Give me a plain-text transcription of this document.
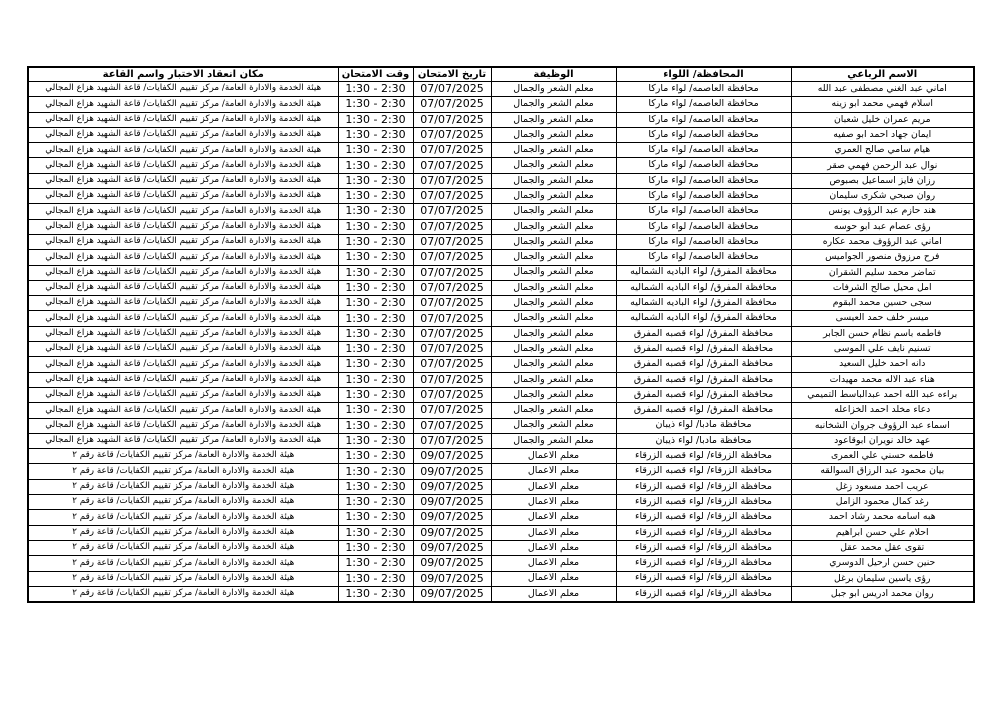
الاسم الرباعي	المحافظة/ اللواء	الوظيفة	تاريخ الامتحان	وقت الامتحان	مكان انعقاد الاختبار واسم القاعة
اماني عبد الغني مصطفى عبد الله	محافظة العاصمه/ لواء ماركا	معلم الشعر والجمال	07/07/2025	1:30 - 2:30	هيئة الخدمة والادارة العامة/ مركز تقييم الكفايات/ قاعة الشهيد هزاع المجالي
اسلام فهمي محمد ابو زينه	محافظة العاصمه/ لواء ماركا	معلم الشعر والجمال	07/07/2025	1:30 - 2:30	هيئة الخدمة والادارة العامة/ مركز تقييم الكفايات/ قاعة الشهيد هزاع المجالي
مريم عمران خليل شعبان	محافظة العاصمه/ لواء ماركا	معلم الشعر والجمال	07/07/2025	1:30 - 2:30	هيئة الخدمة والادارة العامة/ مركز تقييم الكفايات/ قاعة الشهيد هزاع المجالي
ايمان جهاد احمد ابو صفيه	محافظة العاصمه/ لواء ماركا	معلم الشعر والجمال	07/07/2025	1:30 - 2:30	هيئة الخدمة والادارة العامة/ مركز تقييم الكفايات/ قاعة الشهيد هزاع المجالي
هيام سامي صالح العمري	محافظة العاصمه/ لواء ماركا	معلم الشعر والجمال	07/07/2025	1:30 - 2:30	هيئة الخدمة والادارة العامة/ مركز تقييم الكفايات/ قاعة الشهيد هزاع المجالي
نوال عبد الرحمن فهمي صقر	محافظة العاصمه/ لواء ماركا	معلم الشعر والجمال	07/07/2025	1:30 - 2:30	هيئة الخدمة والادارة العامة/ مركز تقييم الكفايات/ قاعة الشهيد هزاع المجالي
رزان فايز اسماعيل بصبوص	محافظة العاصمه/ لواء ماركا	معلم الشعر والجمال	07/07/2025	1:30 - 2:30	هيئة الخدمة والادارة العامة/ مركز تقييم الكفايات/ قاعة الشهيد هزاع المجالي
روان صبحي شكرى سليمان	محافظة العاصمه/ لواء ماركا	معلم الشعر والجمال	07/07/2025	1:30 - 2:30	هيئة الخدمة والادارة العامة/ مركز تقييم الكفايات/ قاعة الشهيد هزاع المجالي
هند حازم عبد الرؤوف يونس	محافظة العاصمه/ لواء ماركا	معلم الشعر والجمال	07/07/2025	1:30 - 2:30	هيئة الخدمة والادارة العامة/ مركز تقييم الكفايات/ قاعة الشهيد هزاع المجالي
رؤى عصام عبد ابو حوسه	محافظة العاصمه/ لواء ماركا	معلم الشعر والجمال	07/07/2025	1:30 - 2:30	هيئة الخدمة والادارة العامة/ مركز تقييم الكفايات/ قاعة الشهيد هزاع المجالي
اماني عبد الرؤوف محمد عكاره	محافظة العاصمه/ لواء ماركا	معلم الشعر والجمال	07/07/2025	1:30 - 2:30	هيئة الخدمة والادارة العامة/ مركز تقييم الكفايات/ قاعة الشهيد هزاع المجالي
فرح مرزوق منصور الجواميس	محافظة العاصمه/ لواء ماركا	معلم الشعر والجمال	07/07/2025	1:30 - 2:30	هيئة الخدمة والادارة العامة/ مركز تقييم الكفايات/ قاعة الشهيد هزاع المجالي
تماضر محمد سليم الشقران	محافظة المفرق/ لواء الباديه الشماليه	معلم الشعر والجمال	07/07/2025	1:30 - 2:30	هيئة الخدمة والادارة العامة/ مركز تقييم الكفايات/ قاعة الشهيد هزاع المجالي
امل محيل صالح الشرفات	محافظة المفرق/ لواء الباديه الشماليه	معلم الشعر والجمال	07/07/2025	1:30 - 2:30	هيئة الخدمة والادارة العامة/ مركز تقييم الكفايات/ قاعة الشهيد هزاع المجالي
سجى حسين محمد البقوم	محافظة المفرق/ لواء الباديه الشماليه	معلم الشعر والجمال	07/07/2025	1:30 - 2:30	هيئة الخدمة والادارة العامة/ مركز تقييم الكفايات/ قاعة الشهيد هزاع المجالي
ميسر خلف حمد العيسى	محافظة المفرق/ لواء الباديه الشماليه	معلم الشعر والجمال	07/07/2025	1:30 - 2:30	هيئة الخدمة والادارة العامة/ مركز تقييم الكفايات/ قاعة الشهيد هزاع المجالي
فاطمه باسم نظام حسن الجابر	محافظة المفرق/ لواء قصبه المفرق	معلم الشعر والجمال	07/07/2025	1:30 - 2:30	هيئة الخدمة والادارة العامة/ مركز تقييم الكفايات/ قاعة الشهيد هزاع المجالي
تسنيم نايف علي الموسى	محافظة المفرق/ لواء قصبه المفرق	معلم الشعر والجمال	07/07/2025	1:30 - 2:30	هيئة الخدمة والادارة العامة/ مركز تقييم الكفايات/ قاعة الشهيد هزاع المجالي
دانه احمد خليل السعيد	محافظة المفرق/ لواء قصبه المفرق	معلم الشعر والجمال	07/07/2025	1:30 - 2:30	هيئة الخدمة والادارة العامة/ مركز تقييم الكفايات/ قاعة الشهيد هزاع المجالي
هناء عبد الاله محمد مهيدات	محافظة المفرق/ لواء قصبه المفرق	معلم الشعر والجمال	07/07/2025	1:30 - 2:30	هيئة الخدمة والادارة العامة/ مركز تقييم الكفايات/ قاعة الشهيد هزاع المجالي
براءه عبد الله احمد عبدالباسط التميمي	محافظة المفرق/ لواء قصبه المفرق	معلم الشعر والجمال	07/07/2025	1:30 - 2:30	هيئة الخدمة والادارة العامة/ مركز تقييم الكفايات/ قاعة الشهيد هزاع المجالي
دعاء مخلد احمد الخزاعله	محافظة المفرق/ لواء قصبه المفرق	معلم الشعر والجمال	07/07/2025	1:30 - 2:30	هيئة الخدمة والادارة العامة/ مركز تقييم الكفايات/ قاعة الشهيد هزاع المجالي
اسماء عبد الرؤوف جروان الشخانبه	محافظة مادبا/ لواء ذيبان	معلم الشعر والجمال	07/07/2025	1:30 - 2:30	هيئة الخدمة والادارة العامة/ مركز تقييم الكفايات/ قاعة الشهيد هزاع المجالي
عهد خالد نويران ابوقاعود	محافظة مادبا/ لواء ذيبان	معلم الشعر والجمال	07/07/2025	1:30 - 2:30	هيئة الخدمة والادارة العامة/ مركز تقييم الكفايات/ قاعة الشهيد هزاع المجالي
فاطمه حسني علي العمرى	محافظة الزرقاء/ لواء قصبه الزرقاء	معلم الاعمال	09/07/2025	1:30 - 2:30	هيئة الخدمة والادارة العامة/ مركز تقييم الكفايات/ قاعة رقم ٢
بيان محمود عبد الرزاق السوالقه	محافظة الزرقاء/ لواء قصبه الزرقاء	معلم الاعمال	09/07/2025	1:30 - 2:30	هيئة الخدمة والادارة العامة/ مركز تقييم الكفايات/ قاعة رقم ٢
عريب احمد مسعود زغل	محافظة الزرقاء/ لواء قصبه الزرقاء	معلم الاعمال	09/07/2025	1:30 - 2:30	هيئة الخدمة والادارة العامة/ مركز تقييم الكفايات/ قاعة رقم ٢
رغد كمال محمود الزامل	محافظة الزرقاء/ لواء قصبه الزرقاء	معلم الاعمال	09/07/2025	1:30 - 2:30	هيئة الخدمة والادارة العامة/ مركز تقييم الكفايات/ قاعة رقم ٢
هبه اسامه محمد رشاد احمد	محافظة الزرقاء/ لواء قصبه الزرقاء	معلم الاعمال	09/07/2025	1:30 - 2:30	هيئة الخدمة والادارة العامة/ مركز تقييم الكفايات/ قاعة رقم ٢
احلام علي حسن ابراهيم	محافظة الزرقاء/ لواء قصبه الزرقاء	معلم الاعمال	09/07/2025	1:30 - 2:30	هيئة الخدمة والادارة العامة/ مركز تقييم الكفايات/ قاعة رقم ٢
تقوى عقل محمد عقل	محافظة الزرقاء/ لواء قصبه الزرقاء	معلم الاعمال	09/07/2025	1:30 - 2:30	هيئة الخدمة والادارة العامة/ مركز تقييم الكفايات/ قاعة رقم ٢
حنين حسن ارحيل الدوسري	محافظة الزرقاء/ لواء قصبه الزرقاء	معلم الاعمال	09/07/2025	1:30 - 2:30	هيئة الخدمة والادارة العامة/ مركز تقييم الكفايات/ قاعة رقم ٢
رؤى ياسين سليمان برغل	محافظة الزرقاء/ لواء قصبه الزرقاء	معلم الاعمال	09/07/2025	1:30 - 2:30	هيئة الخدمة والادارة العامة/ مركز تقييم الكفايات/ قاعة رقم ٢
روان محمد ادريس ابو جبل	محافظة الزرقاء/ لواء قصبه الزرقاء	معلم الاعمال	09/07/2025	1:30 - 2:30	هيئة الخدمة والادارة العامة/ مركز تقييم الكفايات/ قاعة رقم ٢
